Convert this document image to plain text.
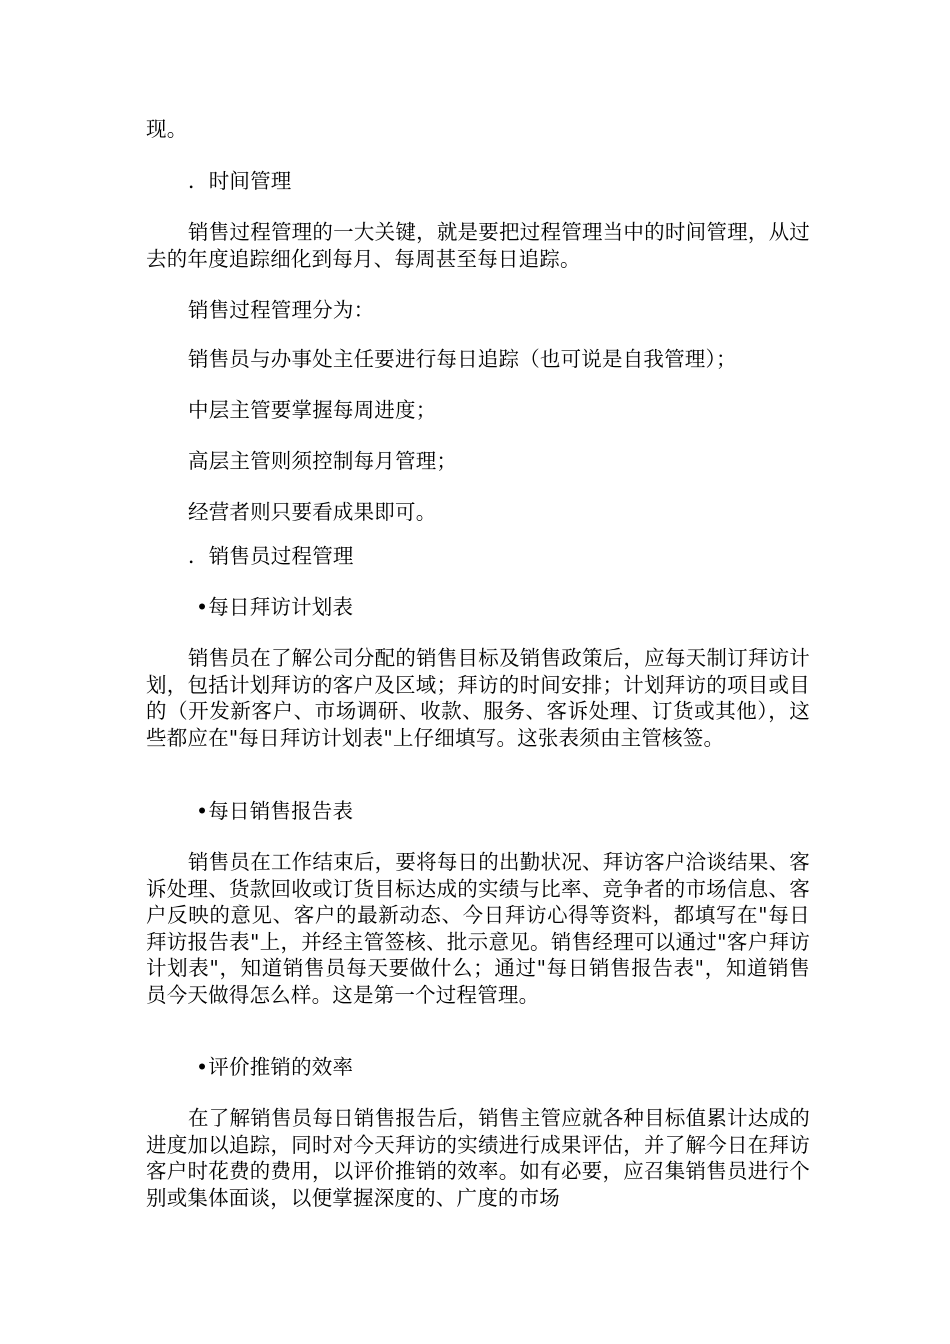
现。

．时间管理

销售过程管理的一大关键，就是要把过程管理当中的时间管理，从过去的年度追踪细化到每月、每周甚至每日追踪。

销售过程管理分为：

销售员与办事处主任要进行每日追踪（也可说是自我管理）；

中层主管要掌握每周进度；

高层主管则须控制每月管理；

经营者则只要看成果即可。

．销售员过程管理

•每日拜访计划表

销售员在了解公司分配的销售目标及销售政策后，应每天制订拜访计划，包括计划拜访的客户及区域；拜访的时间安排；计划拜访的项目或目的（开发新客户、市场调研、收款、服务、客诉处理、订货或其他），这些都应在"每日拜访计划表"上仔细填写。这张表须由主管核签。

•每日销售报告表

销售员在工作结束后，要将每日的出勤状况、拜访客户洽谈结果、客诉处理、货款回收或订货目标达成的实绩与比率、竞争者的市场信息、客户反映的意见、客户的最新动态、今日拜访心得等资料，都填写在"每日拜访报告表"上，并经主管签核、批示意见。销售经理可以通过"客户拜访计划表"，知道销售员每天要做什么；通过"每日销售报告表"，知道销售员今天做得怎么样。这是第一个过程管理。

•评价推销的效率

在了解销售员每日销售报告后，销售主管应就各种目标值累计达成的进度加以追踪，同时对今天拜访的实绩进行成果评估，并了解今日在拜访客户时花费的费用，以评价推销的效率。如有必要，应召集销售员进行个别或集体面谈，以便掌握深度的、广度的市场
